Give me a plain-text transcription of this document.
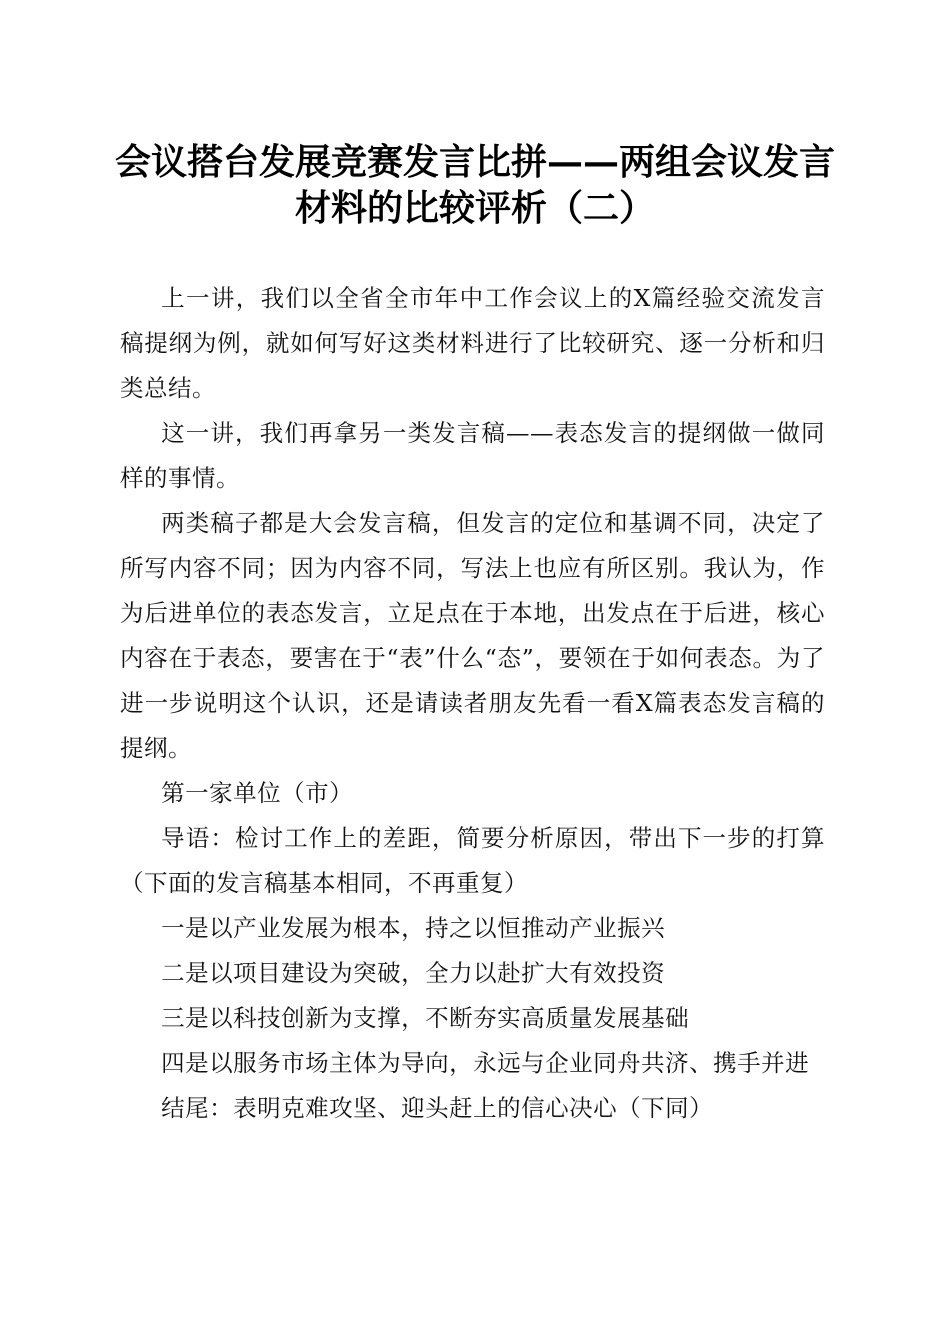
会议搭台发展竞赛发言比拼——两组会议发言
材料的比较评析（二）

上一讲，我们以全省全市年中工作会议上的X篇经验交流发言稿提纲为例，就如何写好这类材料进行了比较研究、逐一分析和归类总结。

这一讲，我们再拿另一类发言稿——表态发言的提纲做一做同样的事情。

两类稿子都是大会发言稿，但发言的定位和基调不同，决定了所写内容不同；因为内容不同，写法上也应有所区别。我认为，作为后进单位的表态发言，立足点在于本地，出发点在于后进，核心内容在于表态，要害在于“表”什么“态”，要领在于如何表态。为了进一步说明这个认识，还是请读者朋友先看一看X篇表态发言稿的提纲。

第一家单位（市）

导语：检讨工作上的差距，简要分析原因，带出下一步的打算（下面的发言稿基本相同，不再重复）

一是以产业发展为根本，持之以恒推动产业振兴

二是以项目建设为突破，全力以赴扩大有效投资

三是以科技创新为支撑，不断夯实高质量发展基础

四是以服务市场主体为导向，永远与企业同舟共济、携手并进

结尾：表明克难攻坚、迎头赶上的信心决心（下同）
